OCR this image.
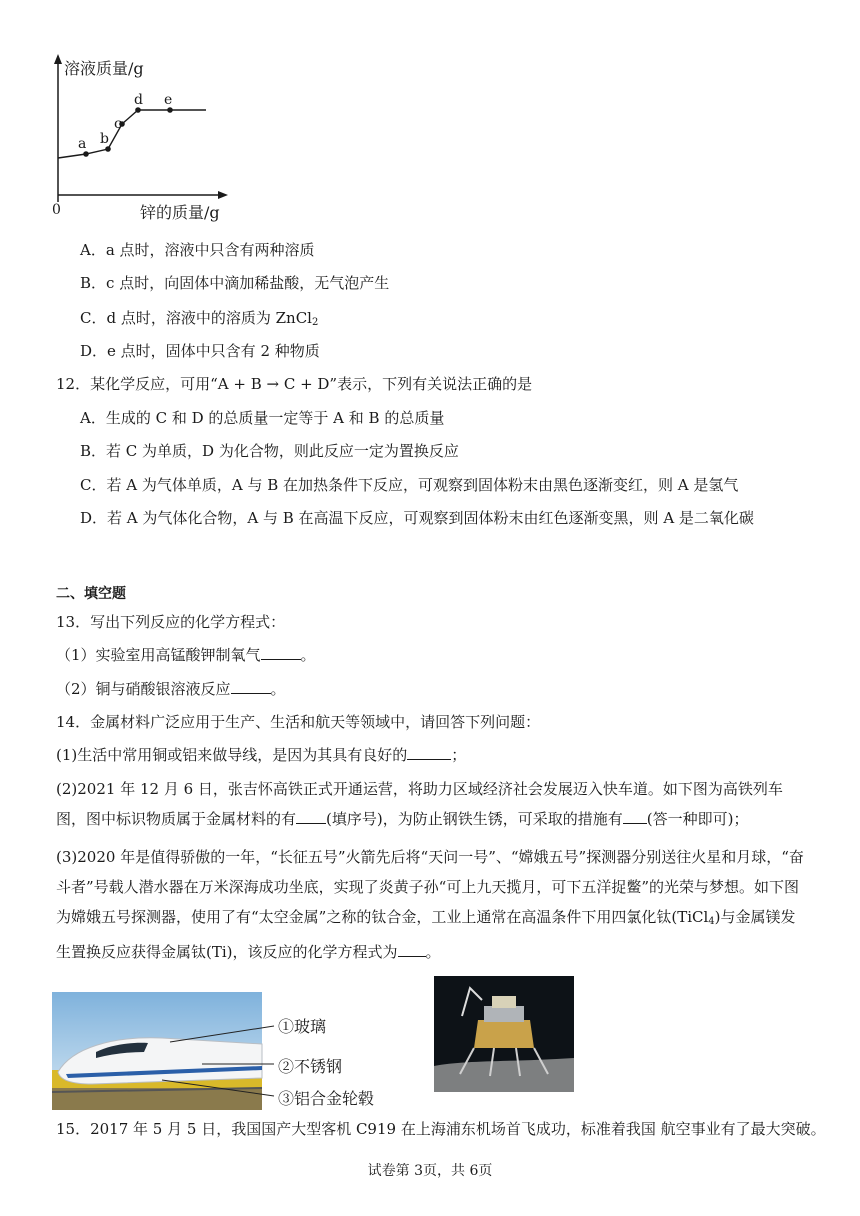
溶液质量/g
锌的质量/g
0
a b
c
d e
A．a 点时，溶液中只含有两种溶质
B．c 点时，向固体中滴加稀盐酸，无气泡产生
C．d 点时，溶液中的溶质为 ZnCl$_2$
D．e 点时，固体中只含有 2 种物质
12．某化学反应，可用“A + B → C + D”表示，下列有关说法正确的是
A．生成的 C 和 D 的总质量一定等于 A 和 B 的总质量
B．若 C 为单质，D 为化合物，则此反应一定为置换反应
C．若 A 为气体单质，A 与 B 在加热条件下反应，可观察到固体粉末由黑色逐渐变红，则 A 是氢气
D．若 A 为气体化合物，A 与 B 在高温下反应，可观察到固体粉末由红色逐渐变黑，则 A 是二氧化碳
二、填空题
13．写出下列反应的化学方程式：
（1）实验室用高锰酸钾制氧气	。
（2）铜与硝酸银溶液反应	。
14．金属材料广泛应用于生产、生活和航天等领域中，请回答下列问题：
(1)生活中常用铜或铝来做导线，是因为其具有良好的	；
(2)2021 年 12 月 6 日，张吉怀高铁正式开通运营，将助力区域经济社会发展迈入快车道。如下图为高铁列车图，图中标识物质属于金属材料的有 (填序号)，为防止钢铁生锈，可采取的措施有 (答一种即可)；
(3)2020 年是值得骄傲的一年，“长征五号”火箭先后将“天问一号”、“嫦娥五号”探测器分别送往火星和月球，“奋斗者”号载人潜水器在万米深海成功坐底，实现了炎黄子孙“可上九天揽月，可下五洋捉鳖”的光荣与梦想。如下图为嫦娥五号探测器，使用了有“太空金属”之称的钛合金，工业上通常在高温条件下用四氯化钛(TiCl$_4$)与金属镁发生置换反应获得金属钛(Ti)，该反应的化学方程式为 。
①玻璃
②不锈钢
③铝合金轮毂
15．2017 年 5 月 5 日，我国国产大型客机 C919 在上海浦东机场首飞成功，标准着我国 航空事业有了最大突破。
试卷第 3页，共 6页
